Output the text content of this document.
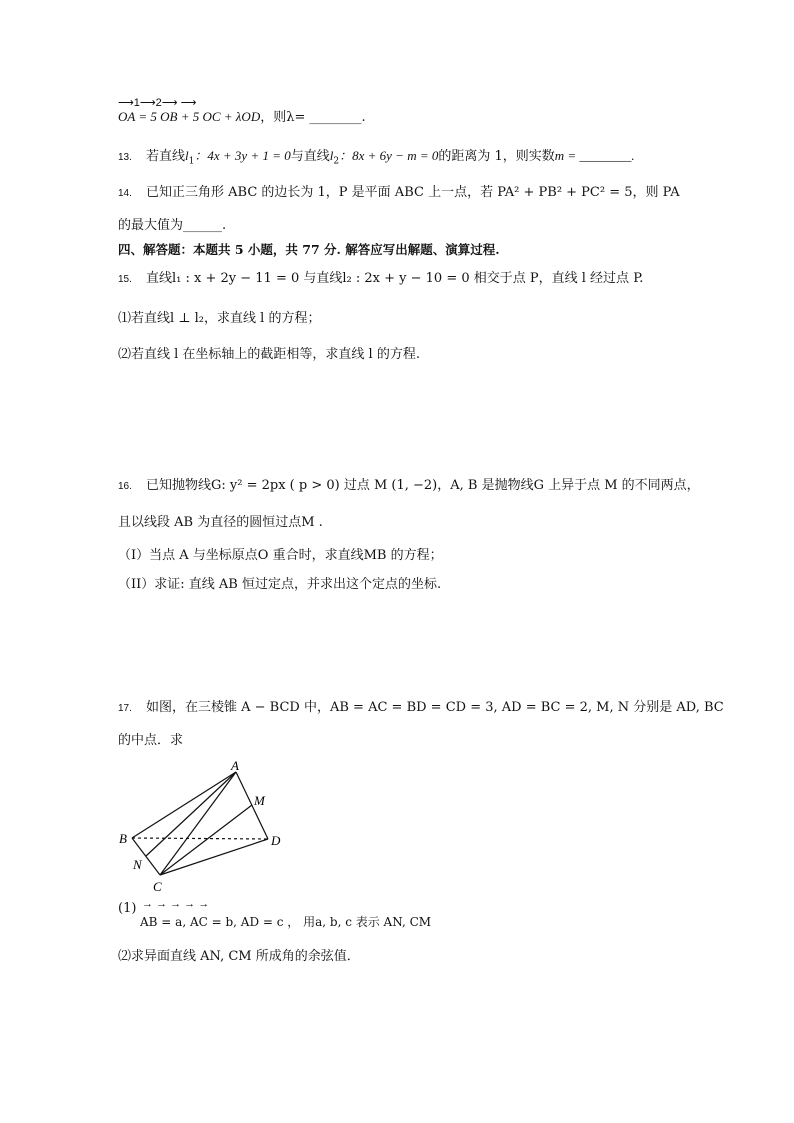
⟶1⟶2⟶ ⟶
OA = 5 OB + 5 OC + λOD，则λ= ________.
13. 若直线$l_1$：4x + 3y + 1 = 0与直线$l_2$：8x + 6y − m = 0的距离为 1，则实数m = ________.
14. 已知正三角形 ABC 的边长为 1，P 是平面 ABC 上一点，若 PA² + PB² + PC² = 5，则 PA
的最大值为______.
四、解答题：本题共 5 小题，共 77 分. 解答应写出解题、演算过程.
15. 直线l₁ : x + 2y − 11 = 0 与直线l₂ : 2x + y − 10 = 0 相交于点 P，直线 l 经过点 P.
⑴若直线l ⊥ l₂，求直线 l 的方程；
⑵若直线 l 在坐标轴上的截距相等，求直线 l 的方程.
16. 已知抛物线G: y² = 2px ( p > 0) 过点 M (1, −2)，A, B 是抛物线G 上异于点 M 的不同两点，
且以线段 AB 为直径的圆恒过点M .
（I）当点 A 与坐标原点O 重合时，求直线MB 的方程；
（II）求证: 直线 AB 恒过定点，并求出这个定点的坐标.
17. 如图，在三棱锥 A − BCD 中，AB = AC = BD = CD = 3, AD = BC = 2, M, N 分别是 AD, BC
的中点．求
A
M
B	D
N
C
(1) → → → → →
AB = a, AC = b, AD = c ， 用a, b, c 表示 AN, CM
⑵求异面直线 AN, CM 所成角的余弦值．
